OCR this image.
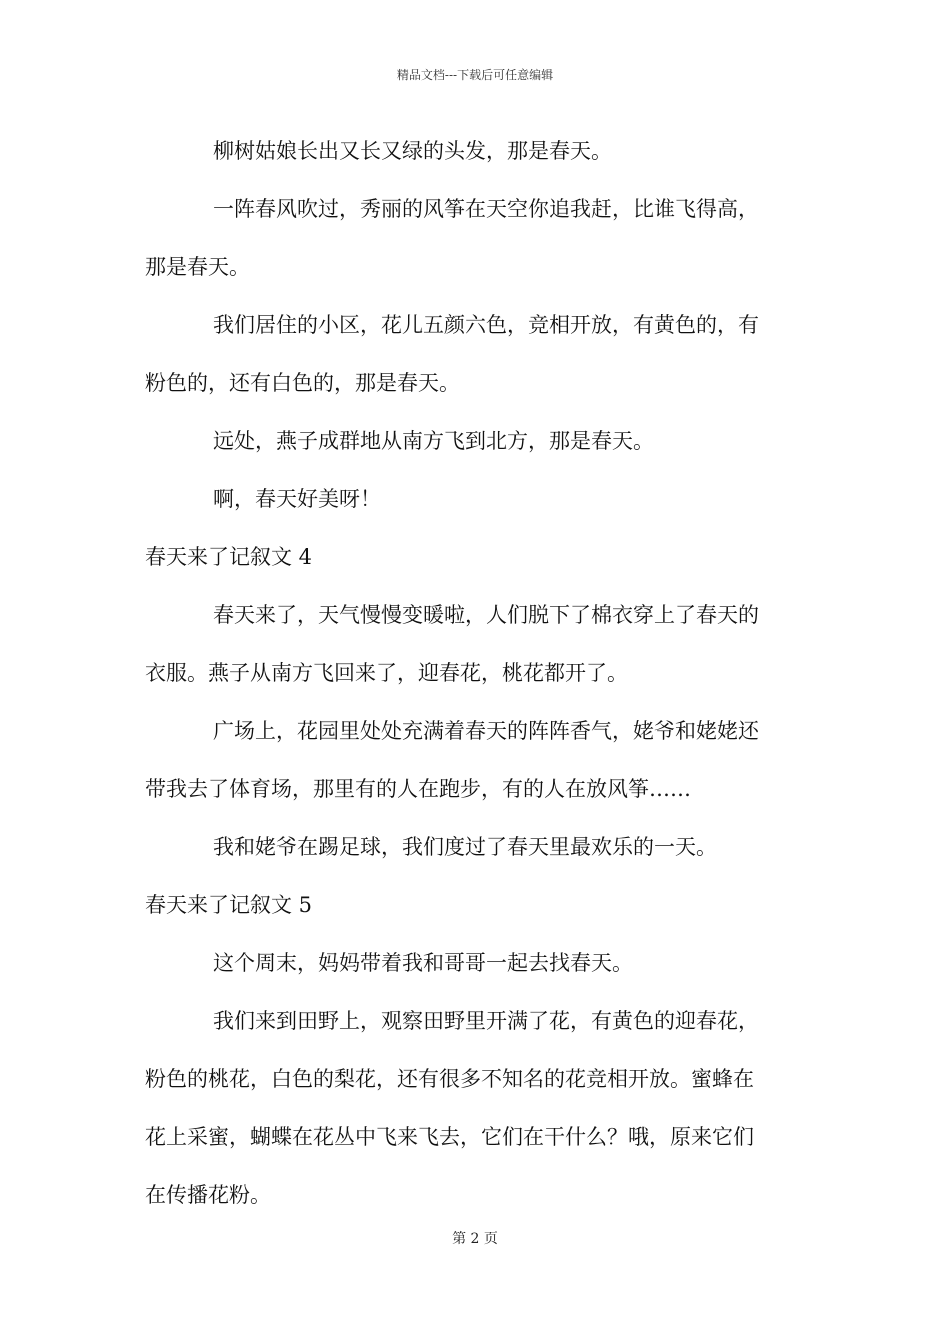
精品文档---下载后可任意编辑
柳树姑娘长出又长又绿的头发，那是春天。
一阵春风吹过，秀丽的风筝在天空你追我赶，比谁飞得高，
那是春天。
我们居住的小区，花儿五颜六色，竞相开放，有黄色的，有
粉色的，还有白色的，那是春天。
远处，燕子成群地从南方飞到北方，那是春天。
啊，春天好美呀！
春天来了记叙文 4
春天来了，天气慢慢变暖啦，人们脱下了棉衣穿上了春天的
衣服。燕子从南方飞回来了，迎春花，桃花都开了。
广场上，花园里处处充满着春天的阵阵香气，姥爷和姥姥还
带我去了体育场，那里有的人在跑步，有的人在放风筝……
我和姥爷在踢足球，我们度过了春天里最欢乐的一天。
春天来了记叙文 5
这个周末，妈妈带着我和哥哥一起去找春天。
我们来到田野上，观察田野里开满了花，有黄色的迎春花，
粉色的桃花，白色的梨花，还有很多不知名的花竞相开放。蜜蜂在
花上采蜜，蝴蝶在花丛中飞来飞去，它们在干什么？哦，原来它们
在传播花粉。
第 2 页
